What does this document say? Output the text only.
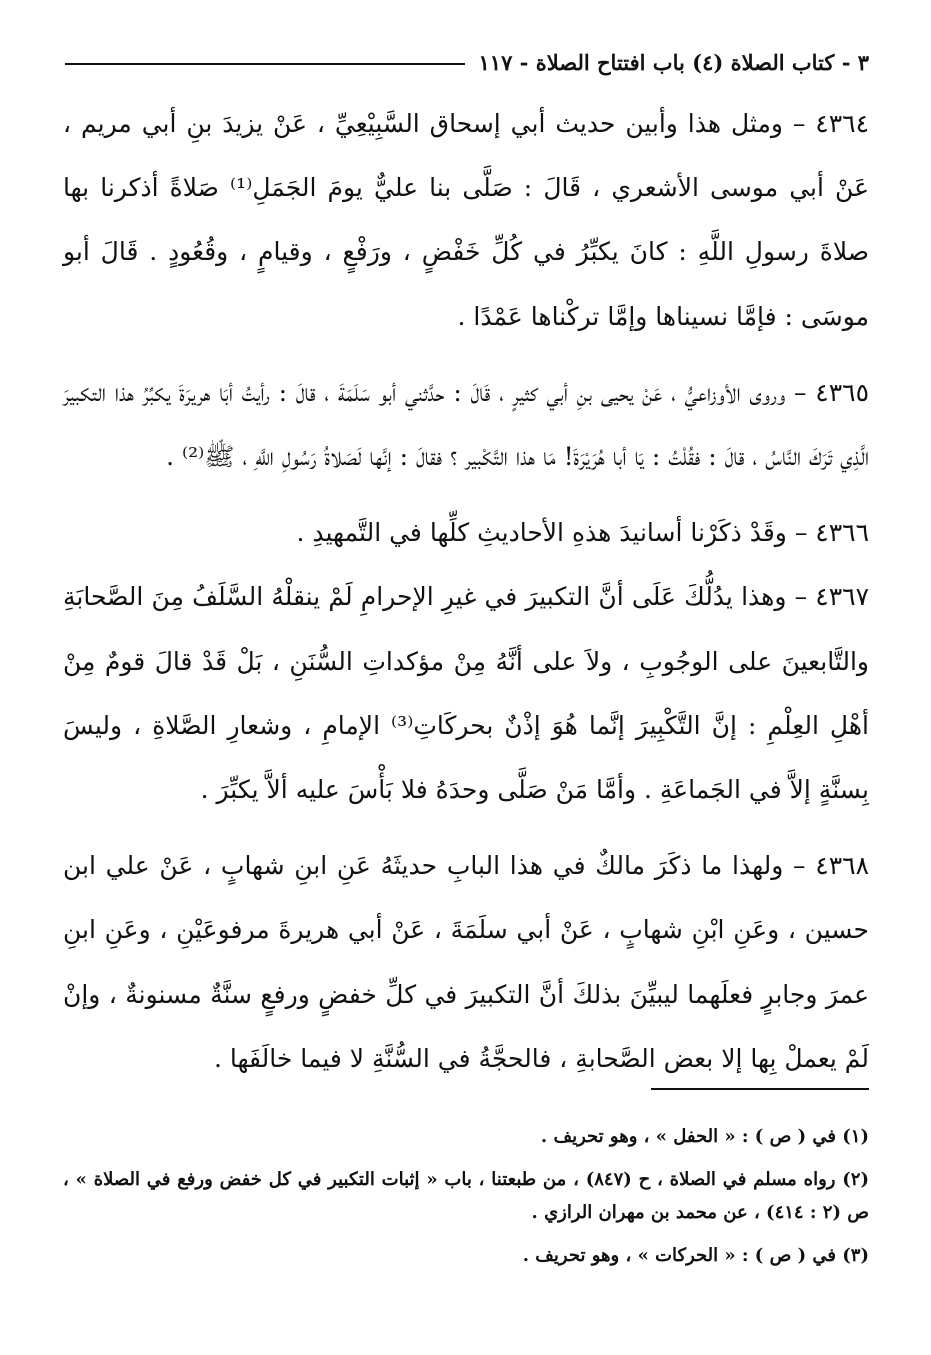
٣ - كتاب الصلاة (٤) باب افتتاح الصلاة - ١١٧

٤٣٦٤ – ومثل هذا وأبين حديث أبي إسحاق السَّبِيْعِيِّ ، عَنْ يزيدَ بنِ أبي مريم ، عَنْ أبي موسى الأشعري ، قَالَ : صَلَّى بنا عليٌّ يومَ الجَمَلِ⁽¹⁾ صَلاةً أذكرنا بها صلاةَ رسولِ اللَّهِ : كانَ يكبِّرُ في كُلِّ خَفْضٍ ، ورَفْعٍ ، وقيامٍ ، وقُعُودٍ . قَالَ أبو موسَى : فإمَّا نسيناها وإمَّا تركْناها عَمْدًا .

٤٣٦٥ – وروى الأوزاعيُّ ، عَنْ يحيى بنِ أبي كثيرٍ ، قَالَ : حدَّثني أبو سَلَمَةَ ، قالَ : رأيتُ أبَا هريرَةَ يكبِّرُ هذا التكبيرَ الَّذِي تَرَكَ النَّاسُ ، قالَ : فقُلْتُ : يَا أبا هُرَيْرَةَ! مَا هذا التَّكْبير ؟ فقالَ : إنَّها لَصَلاةُ رَسُولِ اللَّهِ ، ﷺ⁽²⁾ .

٤٣٦٦ – وقَدْ ذكَرْنا أسانيدَ هذهِ الأحاديثِ كلِّها في التَّمهيدِ .

٤٣٦٧ – وهذا يدُلُّكَ عَلَى أنَّ التكبيرَ في غيرِ الإحرامِ لَمْ ينقلْهُ السَّلَفُ مِنَ الصَّحابَةِ والتَّابعينَ على الوجُوبِ ، ولاَ على أنَّهُ مِنْ مؤكداتِ السُّنَنِ ، بَلْ قَدْ قالَ قومٌ مِنْ أهْلِ العِلْمِ : إنَّ التَّكْبِيرَ إنَّما هُوَ إذْنٌ بحركَاتِ⁽³⁾ الإمامِ ، وشعارِ الصَّلاةِ ، وليسَ بِسنَّةٍ إلاَّ في الجَماعَةِ . وأمَّا مَنْ صَلَّى وحدَهُ فلا بَأْسَ عليه ألاَّ يكبِّرَ .

٤٣٦٨ – ولهذا ما ذكَرَ مالكٌ في هذا البابِ حديثَهُ عَنِ ابنِ شهابٍ ، عَنْ علي ابن حسين ، وعَنِ ابْنِ شهابٍ ، عَنْ أبي سلَمَةَ ، عَنْ أبي هريرةَ مرفوعَيْنِ ، وعَنِ ابنِ عمرَ وجابرٍ فعلَهما ليبيِّنَ بذلكَ أنَّ التكبيرَ في كلِّ خفضٍ ورفعٍ سنَّةٌ مسنونةٌ ، وإنْ لَمْ يعملْ بِها إلا بعض الصَّحابةِ ، فالحجَّةُ في السُّنَّةِ لا فيما خالَفَها .

(١) في ( ص ) : « الحفل » ، وهو تحريف .

(٢) رواه مسلم في الصلاة ، ح (٨٤٧) ، من طبعتنا ، باب « إثبات التكبير في كل خفض ورفع في الصلاة » ، ص (٢ : ٤١٤) ، عن محمد بن مهران الرازي .

(٣) في ( ص ) : « الحركات » ، وهو تحريف .
